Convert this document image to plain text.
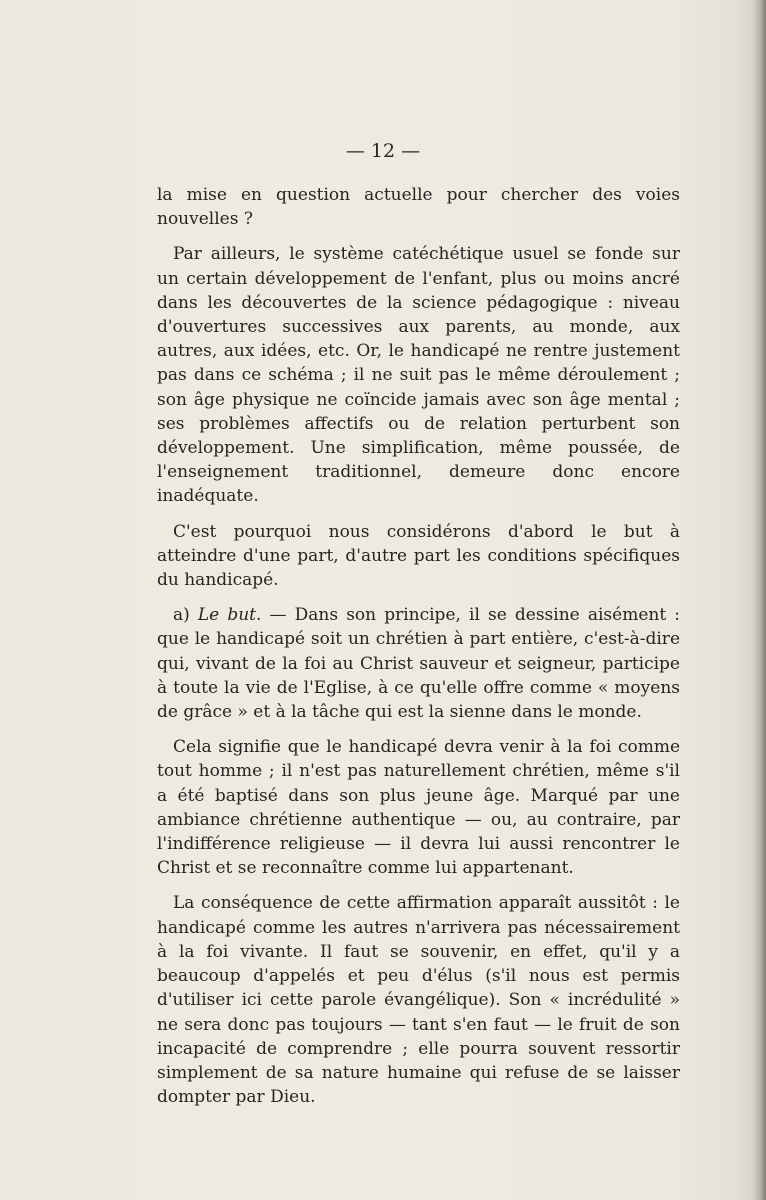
— 12 —

la mise en question actuelle pour chercher des voies nouvelles ?

Par ailleurs, le système catéchétique usuel se fonde sur un certain développement de l'enfant, plus ou moins ancré dans les découvertes de la science pédagogique : niveau d'ouvertures successives aux parents, au monde, aux autres, aux idées, etc. Or, le handicapé ne rentre justement pas dans ce schéma ; il ne suit pas le même déroulement ; son âge physique ne coïncide jamais avec son âge mental ; ses problèmes affectifs ou de relation perturbent son développement. Une simplification, même poussée, de l'enseignement traditionnel, demeure donc encore inadéquate.

C'est pourquoi nous considérons d'abord le but à atteindre d'une part, d'autre part les conditions spécifiques du handicapé.

a) Le but. — Dans son principe, il se dessine aisément : que le handicapé soit un chrétien à part entière, c'est-à-dire qui, vivant de la foi au Christ sauveur et seigneur, participe à toute la vie de l'Eglise, à ce qu'elle offre comme « moyens de grâce » et à la tâche qui est la sienne dans le monde.

Cela signifie que le handicapé devra venir à la foi comme tout homme ; il n'est pas naturellement chrétien, même s'il a été baptisé dans son plus jeune âge. Marqué par une ambiance chrétienne authentique — ou, au contraire, par l'indifférence religieuse — il devra lui aussi rencontrer le Christ et se reconnaître comme lui appartenant.

La conséquence de cette affirmation apparaît aussitôt : le handicapé comme les autres n'arrivera pas nécessairement à la foi vivante. Il faut se souvenir, en effet, qu'il y a beaucoup d'appelés et peu d'élus (s'il nous est permis d'utiliser ici cette parole évangélique). Son « incrédulité » ne sera donc pas toujours — tant s'en faut — le fruit de son incapacité de comprendre ; elle pourra souvent ressortir simplement de sa nature humaine qui refuse de se laisser dompter par Dieu.
